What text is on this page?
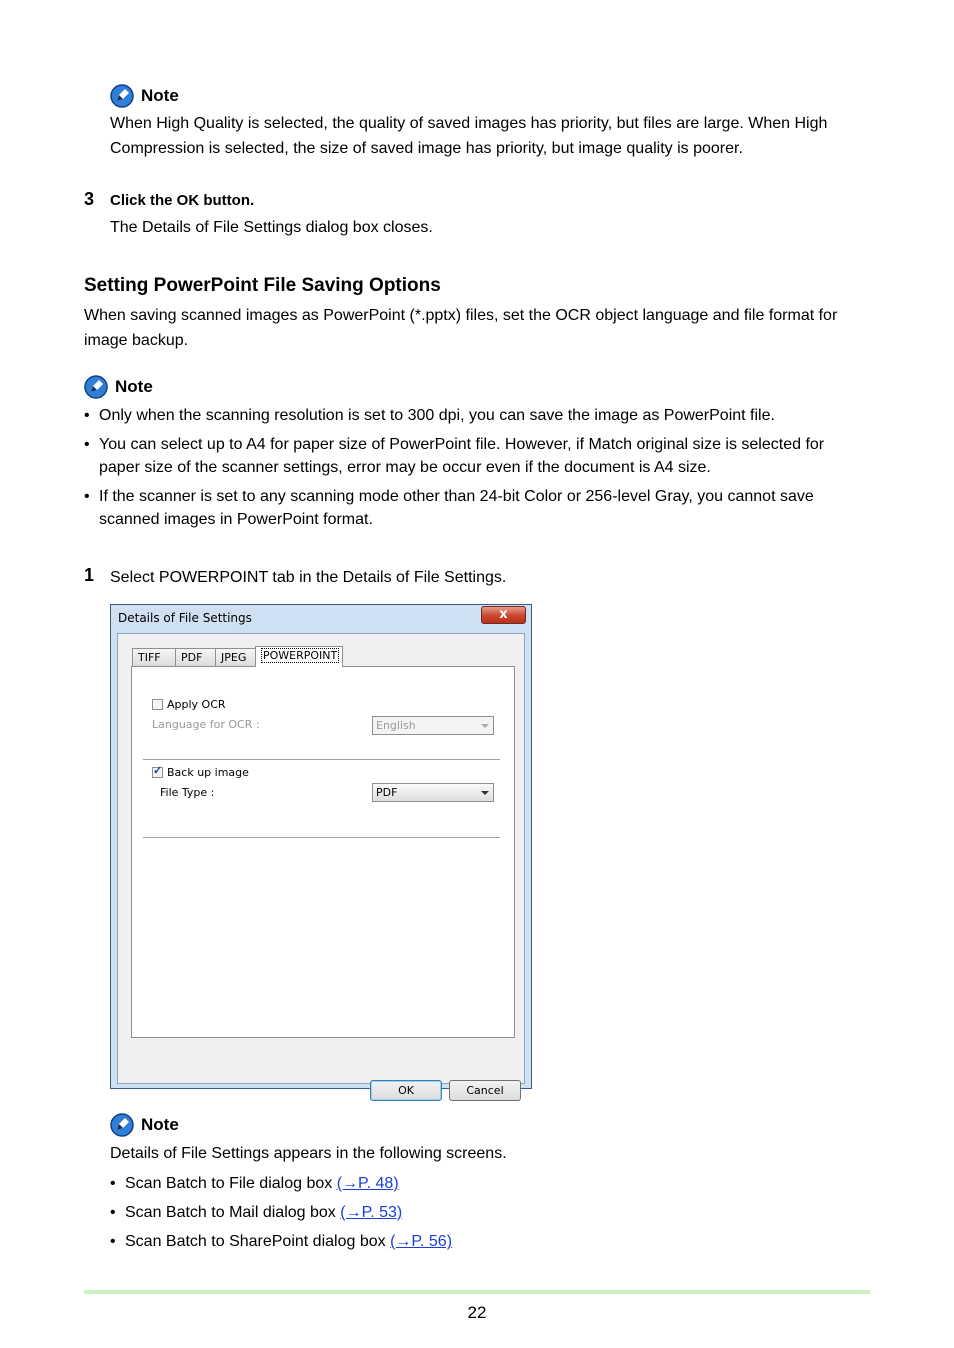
Note
When High Quality is selected, the quality of saved images has priority, but files are large. When High
Compression is selected, the size of saved image has priority, but image quality is poorer.
3 Click the OK button.
The Details of File Settings dialog box closes.
Setting PowerPoint File Saving Options
When saving scanned images as PowerPoint (*.pptx) files, set the OCR object language and file format for
image backup.
Note
• Only when the scanning resolution is set to 300 dpi, you can save the image as PowerPoint file.
• You can select up to A4 for paper size of PowerPoint file. However, if Match original size is selected for
paper size of the scanner settings, error may be occur even if the document is A4 size.
• If the scanner is set to any scanning mode other than 24-bit Color or 256-level Gray, you cannot save
scanned images in PowerPoint format.
1 Select POWERPOINT tab in the Details of File Settings.
Details of File Settings	x
TIFF	PDF	JPEG	POWERPOINT
Apply OCR
Language for OCR :	English
✓
Back up image
File Type :	PDF
OK	Cancel
Note
Details of File Settings appears in the following screens.
• Scan Batch to File dialog box (→P. 48)
• Scan Batch to Mail dialog box (→P. 53)
• Scan Batch to SharePoint dialog box (→P. 56)
22
